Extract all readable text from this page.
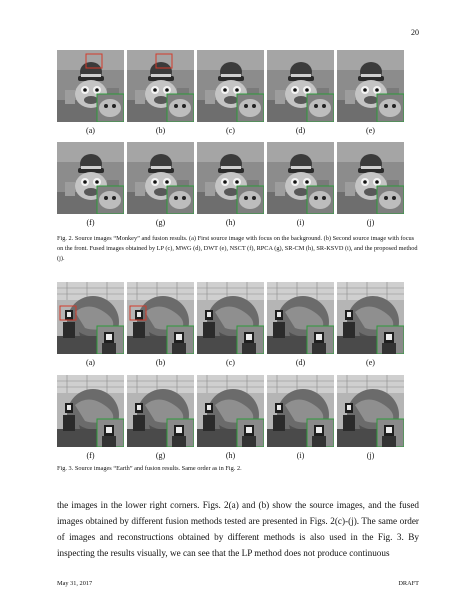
20
(a)	(b)	(c)	(d)	(e)
(f)	(g)	(h)	(i)	(j)
Fig. 2. Source images “Monkey” and fusion results. (a) First source image with focus on the background. (b) Second source image with focus on the front. Fused images obtained by LP (c), MWG (d), DWT (e), NSCT (f), RPCA (g), SR-CM (h), SR-KSVD (i), and the proposed method (j).
(a)	(b)	(c)	(d)	(e)
(f)	(g)	(h)	(i)	(j)
Fig. 3. Source images “Earth” and fusion results. Same order as in Fig. 2.
the images in the lower right corners. Figs. 2(a) and (b) show the source images, and the fused images obtained by different fusion methods tested are presented in Figs. 2(c)-(j). The same order of images and reconstructions obtained by different methods is also used in the Fig. 3. By inspecting the results visually, we can see that the LP method does not produce continuous
May 31, 2017	DRAFT
